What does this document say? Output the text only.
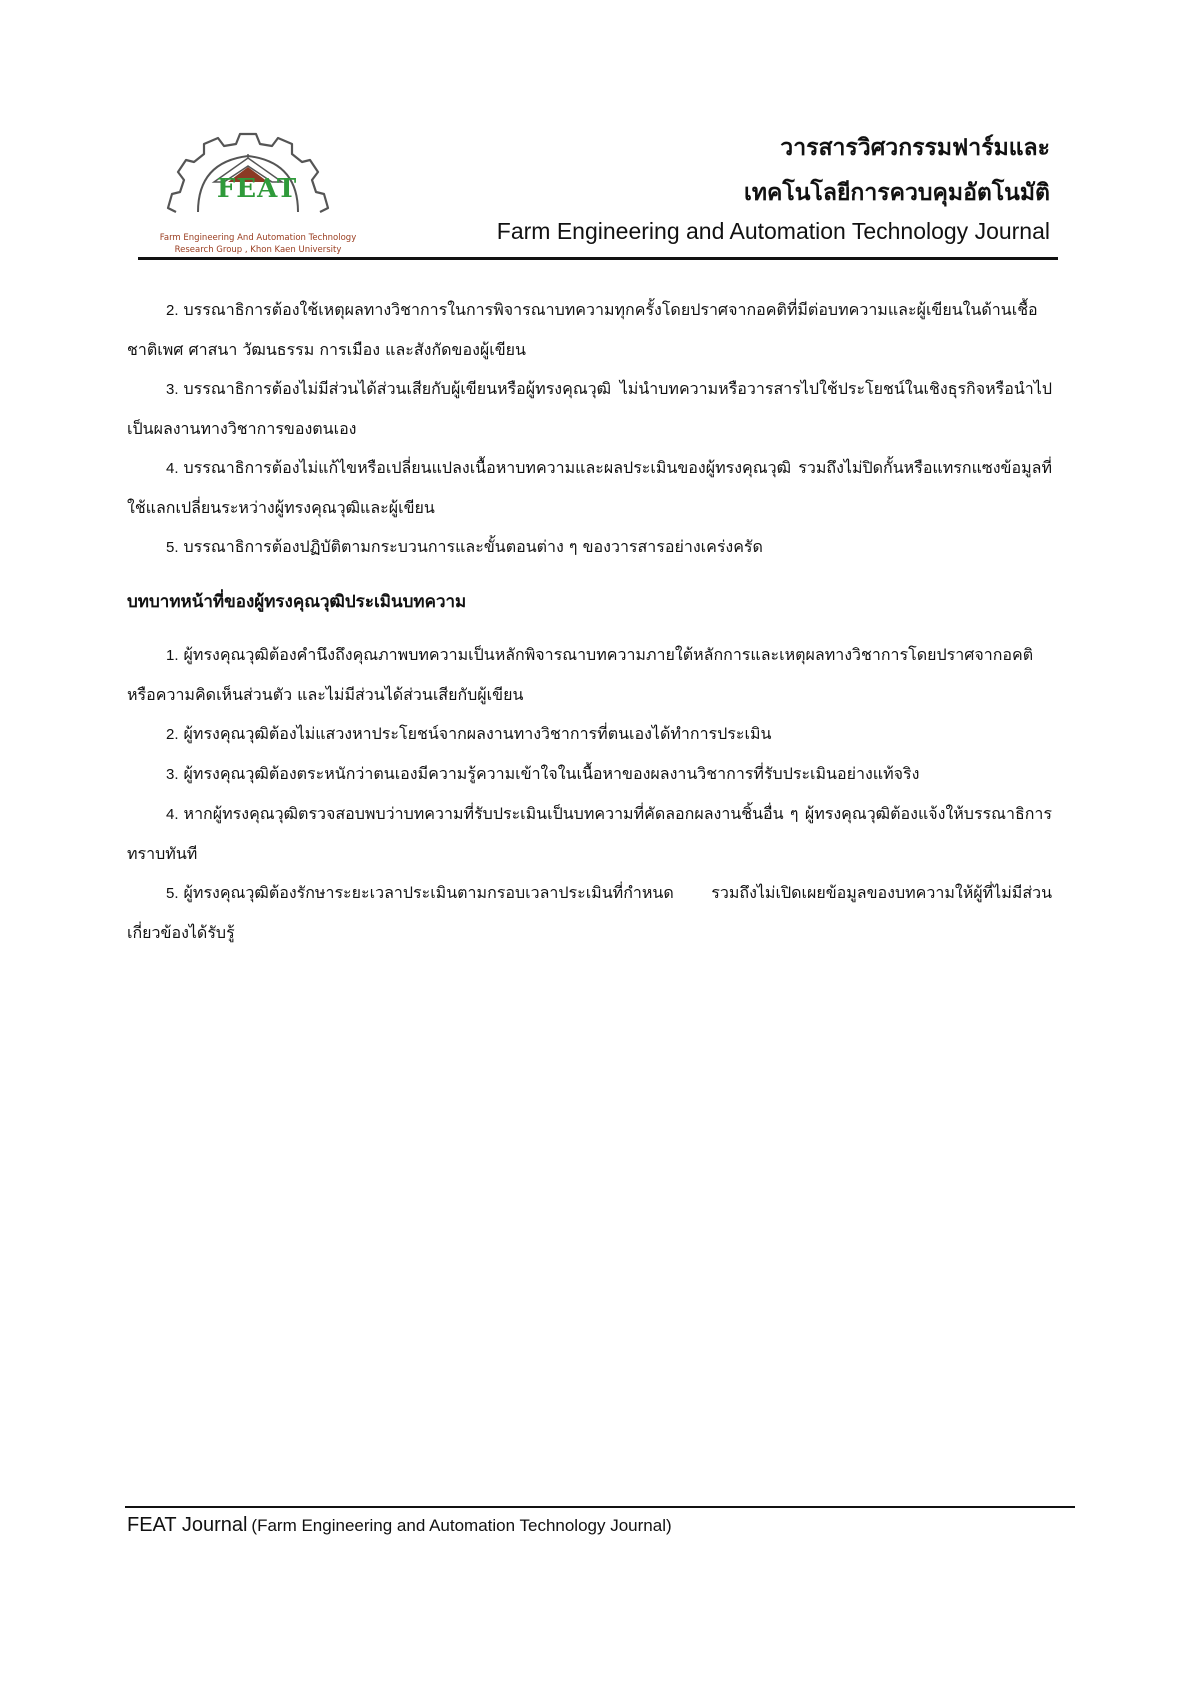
FEAT
Farm Engineering And Automation Technology
Research Group , Khon Kaen University
วารสารวิศวกรรมฟาร์มและ
เทคโนโลยีการควบคุมอัตโนมัติ
Farm Engineering and Automation Technology Journal

2. บรรณาธิการต้องใช้เหตุผลทางวิชาการในการพิจารณาบทความทุกครั้งโดยปราศจากอคติที่มีต่อบทความและผู้เขียนในด้านเชื้อชาติเพศ ศาสนา วัฒนธรรม การเมือง และสังกัดของผู้เขียน

3. บรรณาธิการต้องไม่มีส่วนได้ส่วนเสียกับผู้เขียนหรือผู้ทรงคุณวุฒิ ไม่นำบทความหรือวารสารไปใช้ประโยชน์ในเชิงธุรกิจหรือนำไปเป็นผลงานทางวิชาการของตนเอง

4. บรรณาธิการต้องไม่แก้ไขหรือเปลี่ยนแปลงเนื้อหาบทความและผลประเมินของผู้ทรงคุณวุฒิ รวมถึงไม่ปิดกั้นหรือแทรกแซงข้อมูลที่ใช้แลกเปลี่ยนระหว่างผู้ทรงคุณวุฒิและผู้เขียน

5. บรรณาธิการต้องปฏิบัติตามกระบวนการและขั้นตอนต่าง ๆ ของวารสารอย่างเคร่งครัด

บทบาทหน้าที่ของผู้ทรงคุณวุฒิประเมินบทความ

1. ผู้ทรงคุณวุฒิต้องคำนึงถึงคุณภาพบทความเป็นหลักพิจารณาบทความภายใต้หลักการและเหตุผลทางวิชาการโดยปราศจากอคติหรือความคิดเห็นส่วนตัว และไม่มีส่วนได้ส่วนเสียกับผู้เขียน

2. ผู้ทรงคุณวุฒิต้องไม่แสวงหาประโยชน์จากผลงานทางวิชาการที่ตนเองได้ทำการประเมิน

3. ผู้ทรงคุณวุฒิต้องตระหนักว่าตนเองมีความรู้ความเข้าใจในเนื้อหาของผลงานวิชาการที่รับประเมินอย่างแท้จริง

4. หากผู้ทรงคุณวุฒิตรวจสอบพบว่าบทความที่รับประเมินเป็นบทความที่คัดลอกผลงานชิ้นอื่น ๆ ผู้ทรงคุณวุฒิต้องแจ้งให้บรรณาธิการทราบทันที

5. ผู้ทรงคุณวุฒิต้องรักษาระยะเวลาประเมินตามกรอบเวลาประเมินที่กำหนด รวมถึงไม่เปิดเผยข้อมูลของบทความให้ผู้ที่ไม่มีส่วนเกี่ยวข้องได้รับรู้

FEAT Journal (Farm Engineering and Automation Technology Journal)
